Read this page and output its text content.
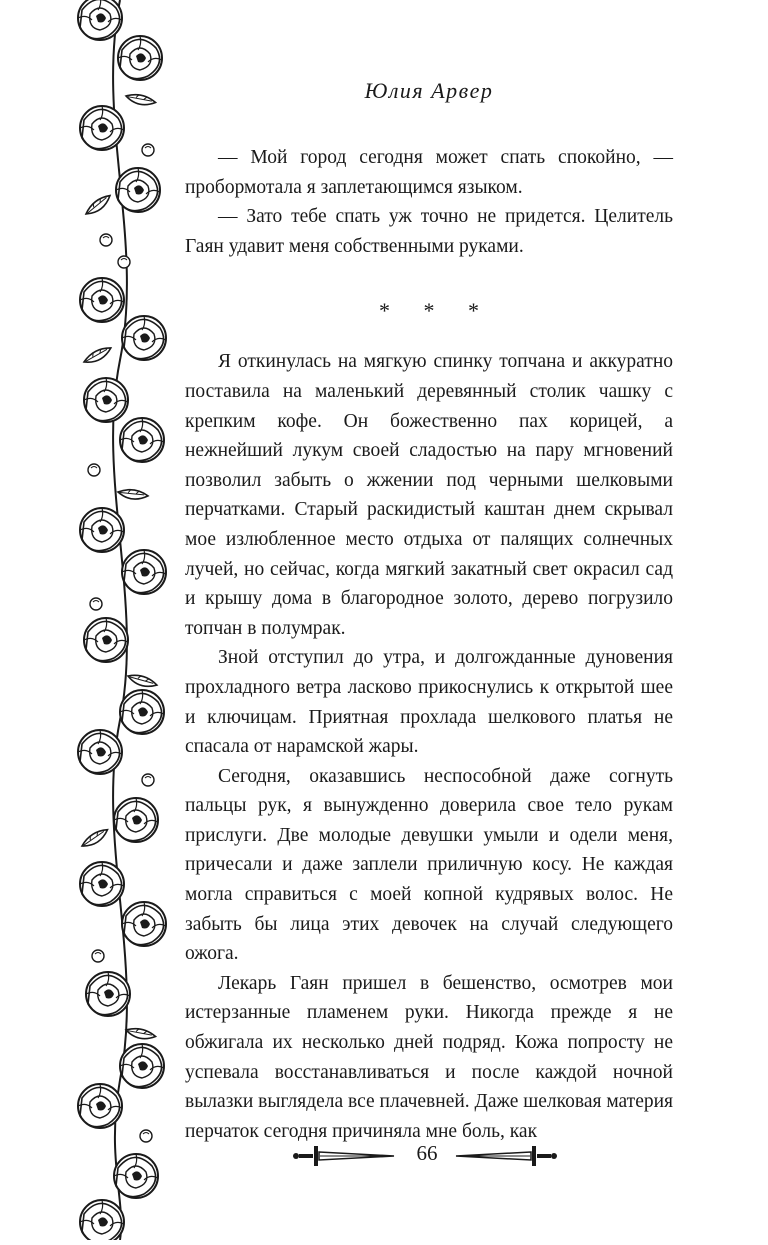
Юлия Арвер

— Мой город сегодня может спать спокойно, — пробормотала я заплетающимся языком.

— Зато тебе спать уж точно не придется. Целитель Гаян удавит меня собственными руками.

* * *

Я откинулась на мягкую спинку топчана и аккуратно поставила на маленький деревянный столик чашку с крепким кофе. Он божественно пах корицей, а нежнейший лукум своей сладостью на пару мгновений позволил забыть о жжении под черными шелковыми перчатками. Старый раскидистый каштан днем скрывал мое излюбленное место отдыха от палящих солнечных лучей, но сейчас, когда мягкий закатный свет окрасил сад и крышу дома в благородное золото, дерево погрузило топчан в полумрак.

Зной отступил до утра, и долгожданные дуновения прохладного ветра ласково прикоснулись к открытой шее и ключицам. Приятная прохлада шелкового платья не спасала от нарамской жары.

Сегодня, оказавшись неспособной даже согнуть пальцы рук, я вынужденно доверила свое тело рукам прислуги. Две молодые девушки умыли и одели меня, причесали и даже заплели приличную косу. Не каждая могла справиться с моей копной кудрявых волос. Не забыть бы лица этих девочек на случай следующего ожога.

Лекарь Гаян пришел в бешенство, осмотрев мои истерзанные пламенем руки. Никогда прежде я не обжигала их несколько дней подряд. Кожа попросту не успевала восстанавливаться и после каждой ночной вылазки выглядела все плачевней. Даже шелковая материя перчаток сегодня причиняла мне боль, как

66
